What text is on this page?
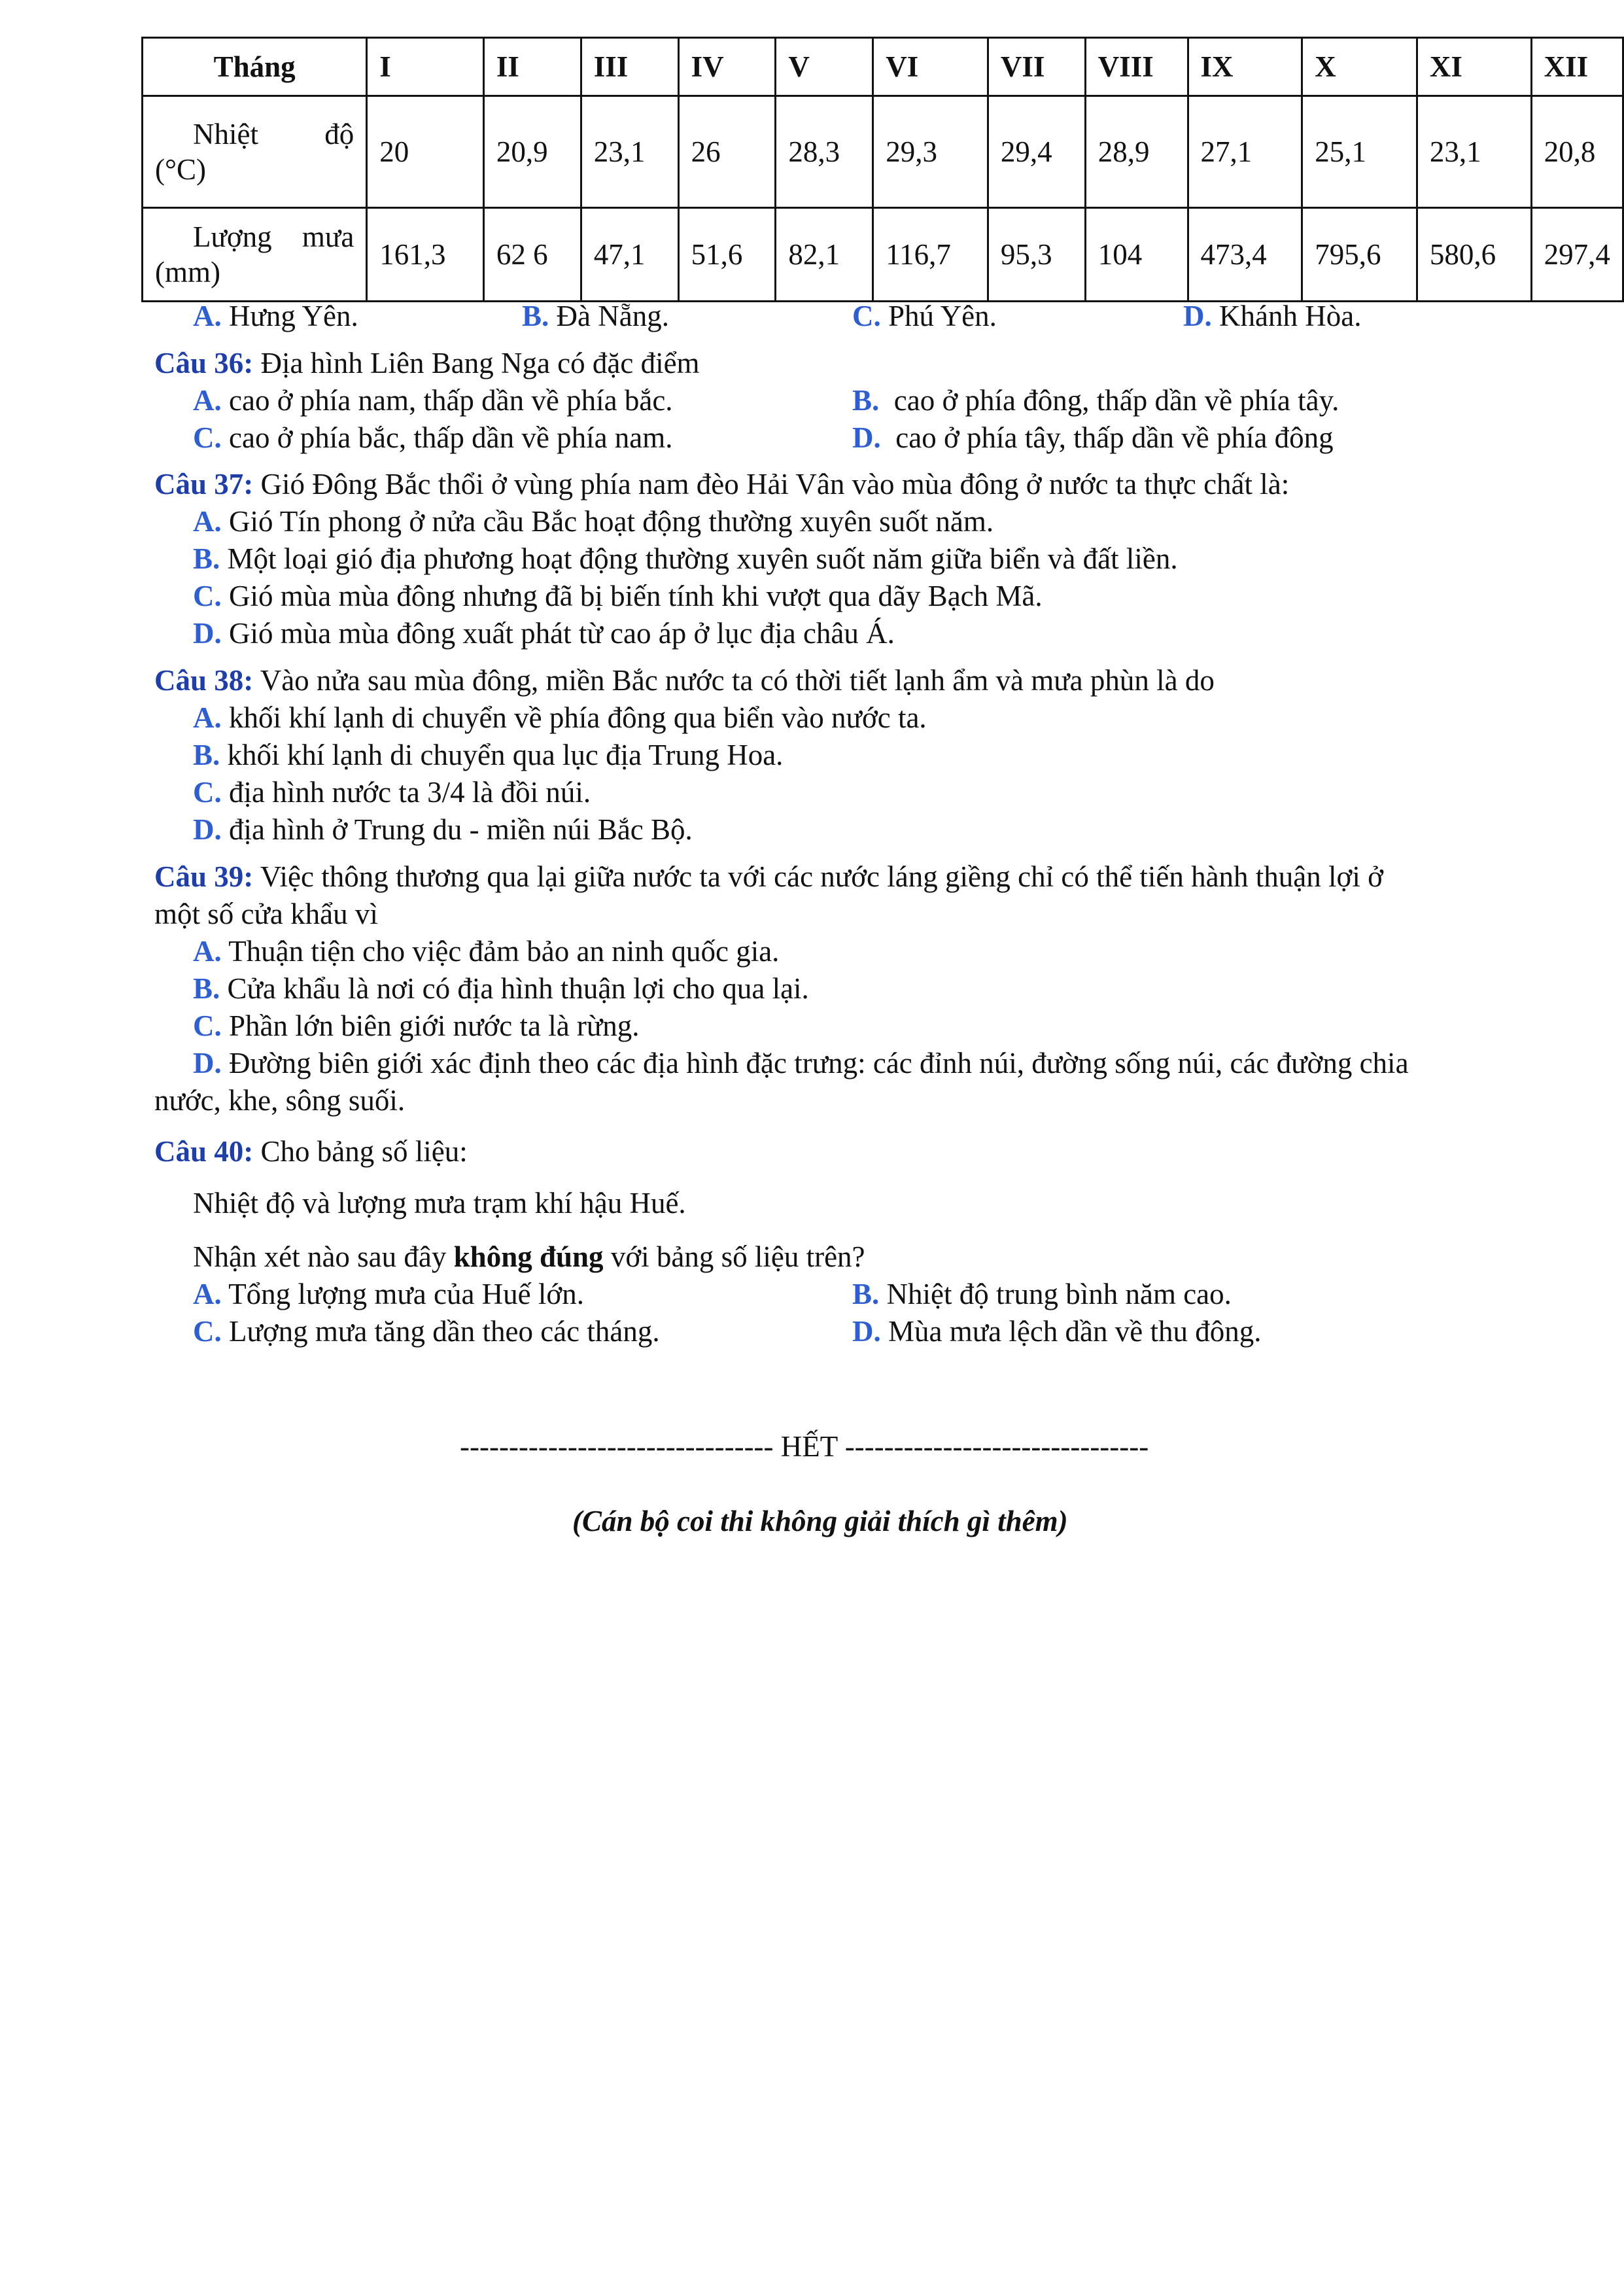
Tháng	I	II	III	IV	V	VI	VII	VIII	IX	X	XI	XII

Nhiệt độ
(°C)	20	20,9	23,1	26	28,3	29,3	29,4	28,9	27,1	25,1	23,1	20,8

Lượng mưa
(mm)	161,3	62 6	47,1	51,6	82,1	116,7	95,3	104	473,4	795,6	580,6	297,4
A. Hưng Yên.	B. Đà Nẵng.	C. Phú Yên.	D. Khánh Hòa.
Câu 36: Địa hình Liên Bang Nga có đặc điểm
A. cao ở phía nam, thấp dần về phía bắc.	B. cao ở phía đông, thấp dần về phía tây.
C. cao ở phía bắc, thấp dần về phía nam.	D. cao ở phía tây, thấp dần về phía đông
Câu 37: Gió Đông Bắc thổi ở vùng phía nam đèo Hải Vân vào mùa đông ở nước ta thực chất là:
A. Gió Tín phong ở nửa cầu Bắc hoạt động thường xuyên suốt năm.
B. Một loại gió địa phương hoạt động thường xuyên suốt năm giữa biển và đất liền.
C. Gió mùa mùa đông nhưng đã bị biến tính khi vượt qua dãy Bạch Mã.
D. Gió mùa mùa đông xuất phát từ cao áp ở lục địa châu Á.
Câu 38: Vào nửa sau mùa đông, miền Bắc nước ta có thời tiết lạnh ẩm và mưa phùn là do
A. khối khí lạnh di chuyển về phía đông qua biển vào nước ta.
B. khối khí lạnh di chuyển qua lục địa Trung Hoa.
C. địa hình nước ta 3/4 là đồi núi.
D. địa hình ở Trung du - miền núi Bắc Bộ.
Câu 39: Việc thông thương qua lại giữa nước ta với các nước láng giềng chỉ có thể tiến hành thuận lợi ở
một số cửa khẩu vì
A. Thuận tiện cho việc đảm bảo an ninh quốc gia.
B. Cửa khẩu là nơi có địa hình thuận lợi cho qua lại.
C. Phần lớn biên giới nước ta là rừng.
D. Đường biên giới xác định theo các địa hình đặc trưng: các đỉnh núi, đường sống núi, các đường chia
nước, khe, sông suối.
Câu 40: Cho bảng số liệu:
Nhiệt độ và lượng mưa trạm khí hậu Huế.
Nhận xét nào sau đây không đúng với bảng số liệu trên?
A. Tổng lượng mưa của Huế lớn.	B. Nhiệt độ trung bình năm cao.
C. Lượng mưa tăng dần theo các tháng.	D. Mùa mưa lệch dần về thu đông.
-------------------------------- HẾT -------------------------------
(Cán bộ coi thi không giải thích gì thêm)
